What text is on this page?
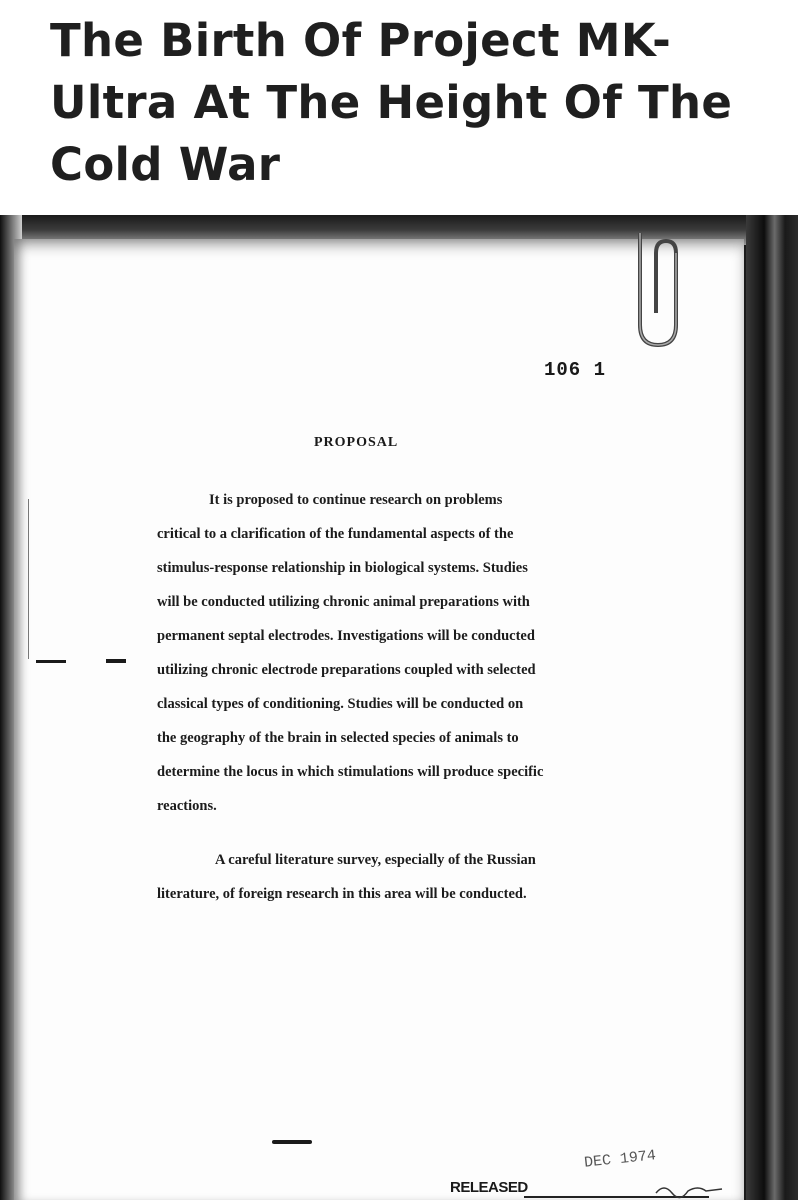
The Birth Of Project MK-Ultra At The Height Of The Cold War
106 1
PROPOSAL
It is proposed to continue research on problems
critical to a clarification of the fundamental aspects of the
stimulus-response relationship in biological systems. Studies
will be conducted utilizing chronic animal preparations with
permanent septal electrodes. Investigations will be conducted
utilizing chronic electrode preparations coupled with selected
classical types of conditioning. Studies will be conducted on
the geography of the brain in selected species of animals to
determine the locus in which stimulations will produce specific
reactions.
A careful literature survey, especially of the Russian
literature, of foreign research in this area will be conducted.
DEC 1974
RELEASED
